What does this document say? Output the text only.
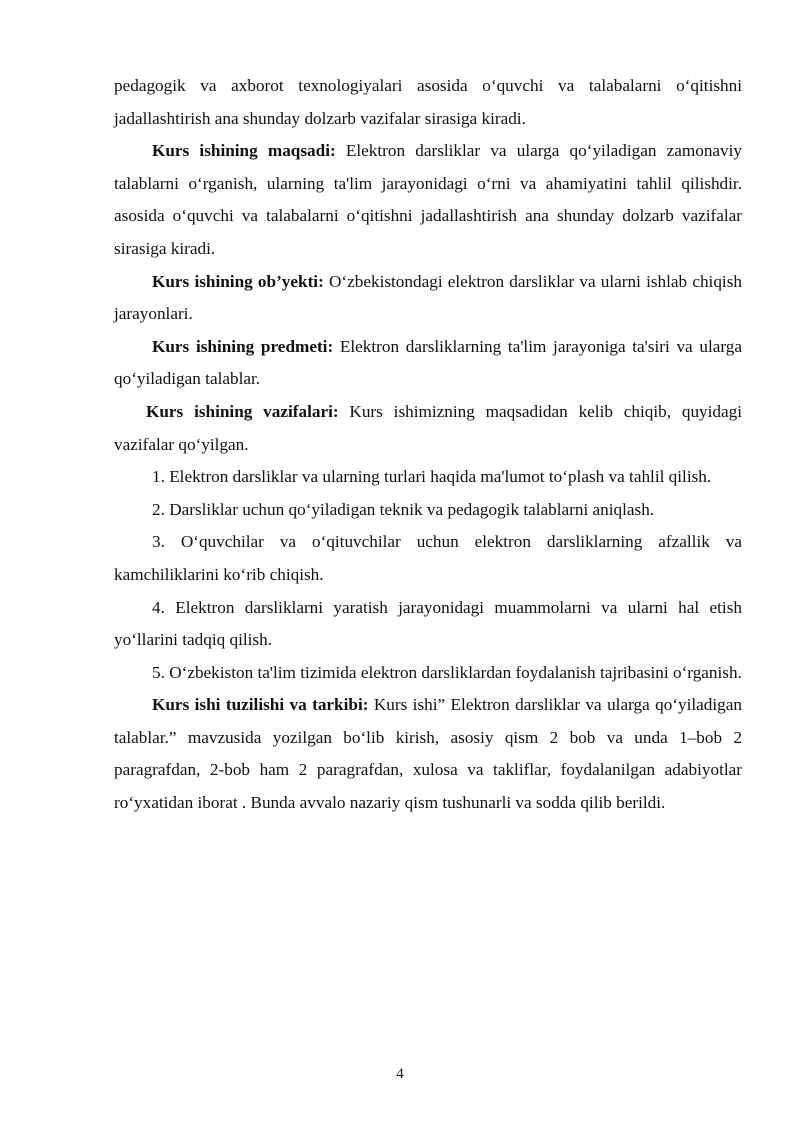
pedagogik va axborot texnologiyalari asosida o‘quvchi va talabalarni o‘qitishni jadallashtirish ana shunday dolzarb vazifalar sirasiga kiradi.

Kurs ishining maqsadi: Elektron darsliklar va ularga qo‘yiladigan zamonaviy talablarni o‘rganish, ularning ta'lim jarayonidagi o‘rni va ahamiyatini tahlil qilishdir. asosida o‘quvchi va talabalarni o‘qitishni jadallashtirish ana shunday dolzarb vazifalar sirasiga kiradi.

Kurs ishining ob’yekti: O‘zbekistondagi elektron darsliklar va ularni ishlab chiqish jarayonlari.

Kurs ishining predmeti: Elektron darsliklarning ta'lim jarayoniga ta'siri va ularga qo‘yiladigan talablar.

Kurs ishining vazifalari: Kurs ishimizning maqsadidan kelib chiqib, quyidagi vazifalar qo‘yilgan.

1. Elektron darsliklar va ularning turlari haqida ma'lumot to‘plash va tahlil qilish.

2. Darsliklar uchun qo‘yiladigan teknik va pedagogik talablarni aniqlash.

3. O‘quvchilar va o‘qituvchilar uchun elektron darsliklarning afzallik va kamchiliklarini ko‘rib chiqish.

4. Elektron darsliklarni yaratish jarayonidagi muammolarni va ularni hal etish yo‘llarini tadqiq qilish.

5. O‘zbekiston ta'lim tizimida elektron darsliklardan foydalanish tajribasini o‘rganish.

Kurs ishi tuzilishi va tarkibi: Kurs ishi” Elektron darsliklar va ularga qo‘yiladigan talablar.” mavzusida yozilgan bo‘lib kirish, asosiy qism 2 bob va unda 1–bob 2 paragrafdan, 2-bob ham 2 paragrafdan, xulosa va takliflar, foydalanilgan adabiyotlar ro‘yxatidan iborat . Bunda avvalo nazariy qism tushunarli va sodda qilib berildi.

4
